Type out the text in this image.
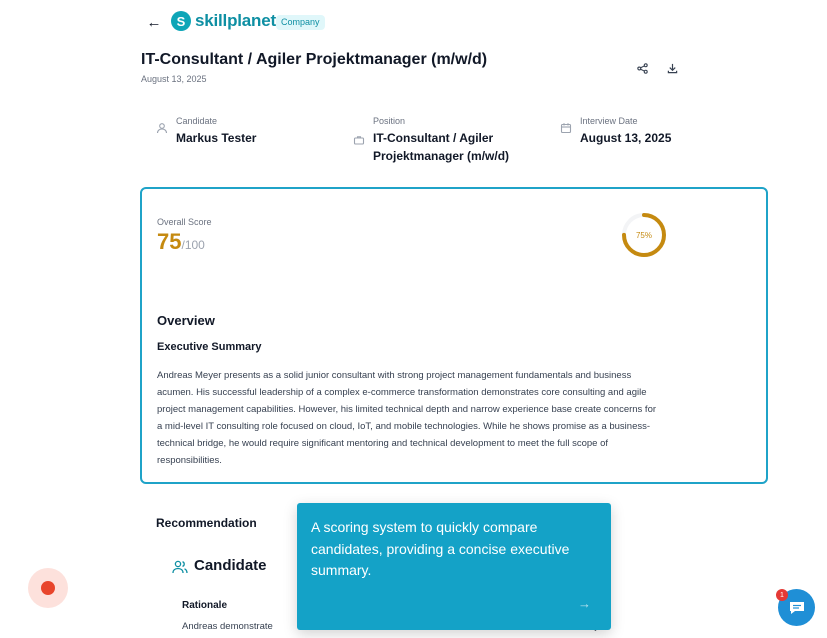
←	S skillplanet Company
IT-Consultant / Agiler Projektmanager (m/w/d)
August 13, 2025
Candidate
Markus Tester
Position
IT-Consultant / Agiler Projektmanager (m/w/d)
Interview Date
August 13, 2025
Overall Score
75/100
75%
Overview
Executive Summary
Andreas Meyer presents as a solid junior consultant with strong project management fundamentals and business acumen. His successful leadership of a complex e-commerce transformation demonstrates core consulting and agile project management capabilities. However, his limited technical depth and narrow experience base create concerns for a mid-level IT consulting role focused on cloud, IoT, and mobile technologies. While he shows promise as a business-technical bridge, he would require significant mentoring and technical development to meet the full scope of responsibilities.
Recommendation
Candidate
Rationale
Andreas demonstrate
A scoring system to quickly compare candidates, providing a concise executive summary.
→
1
